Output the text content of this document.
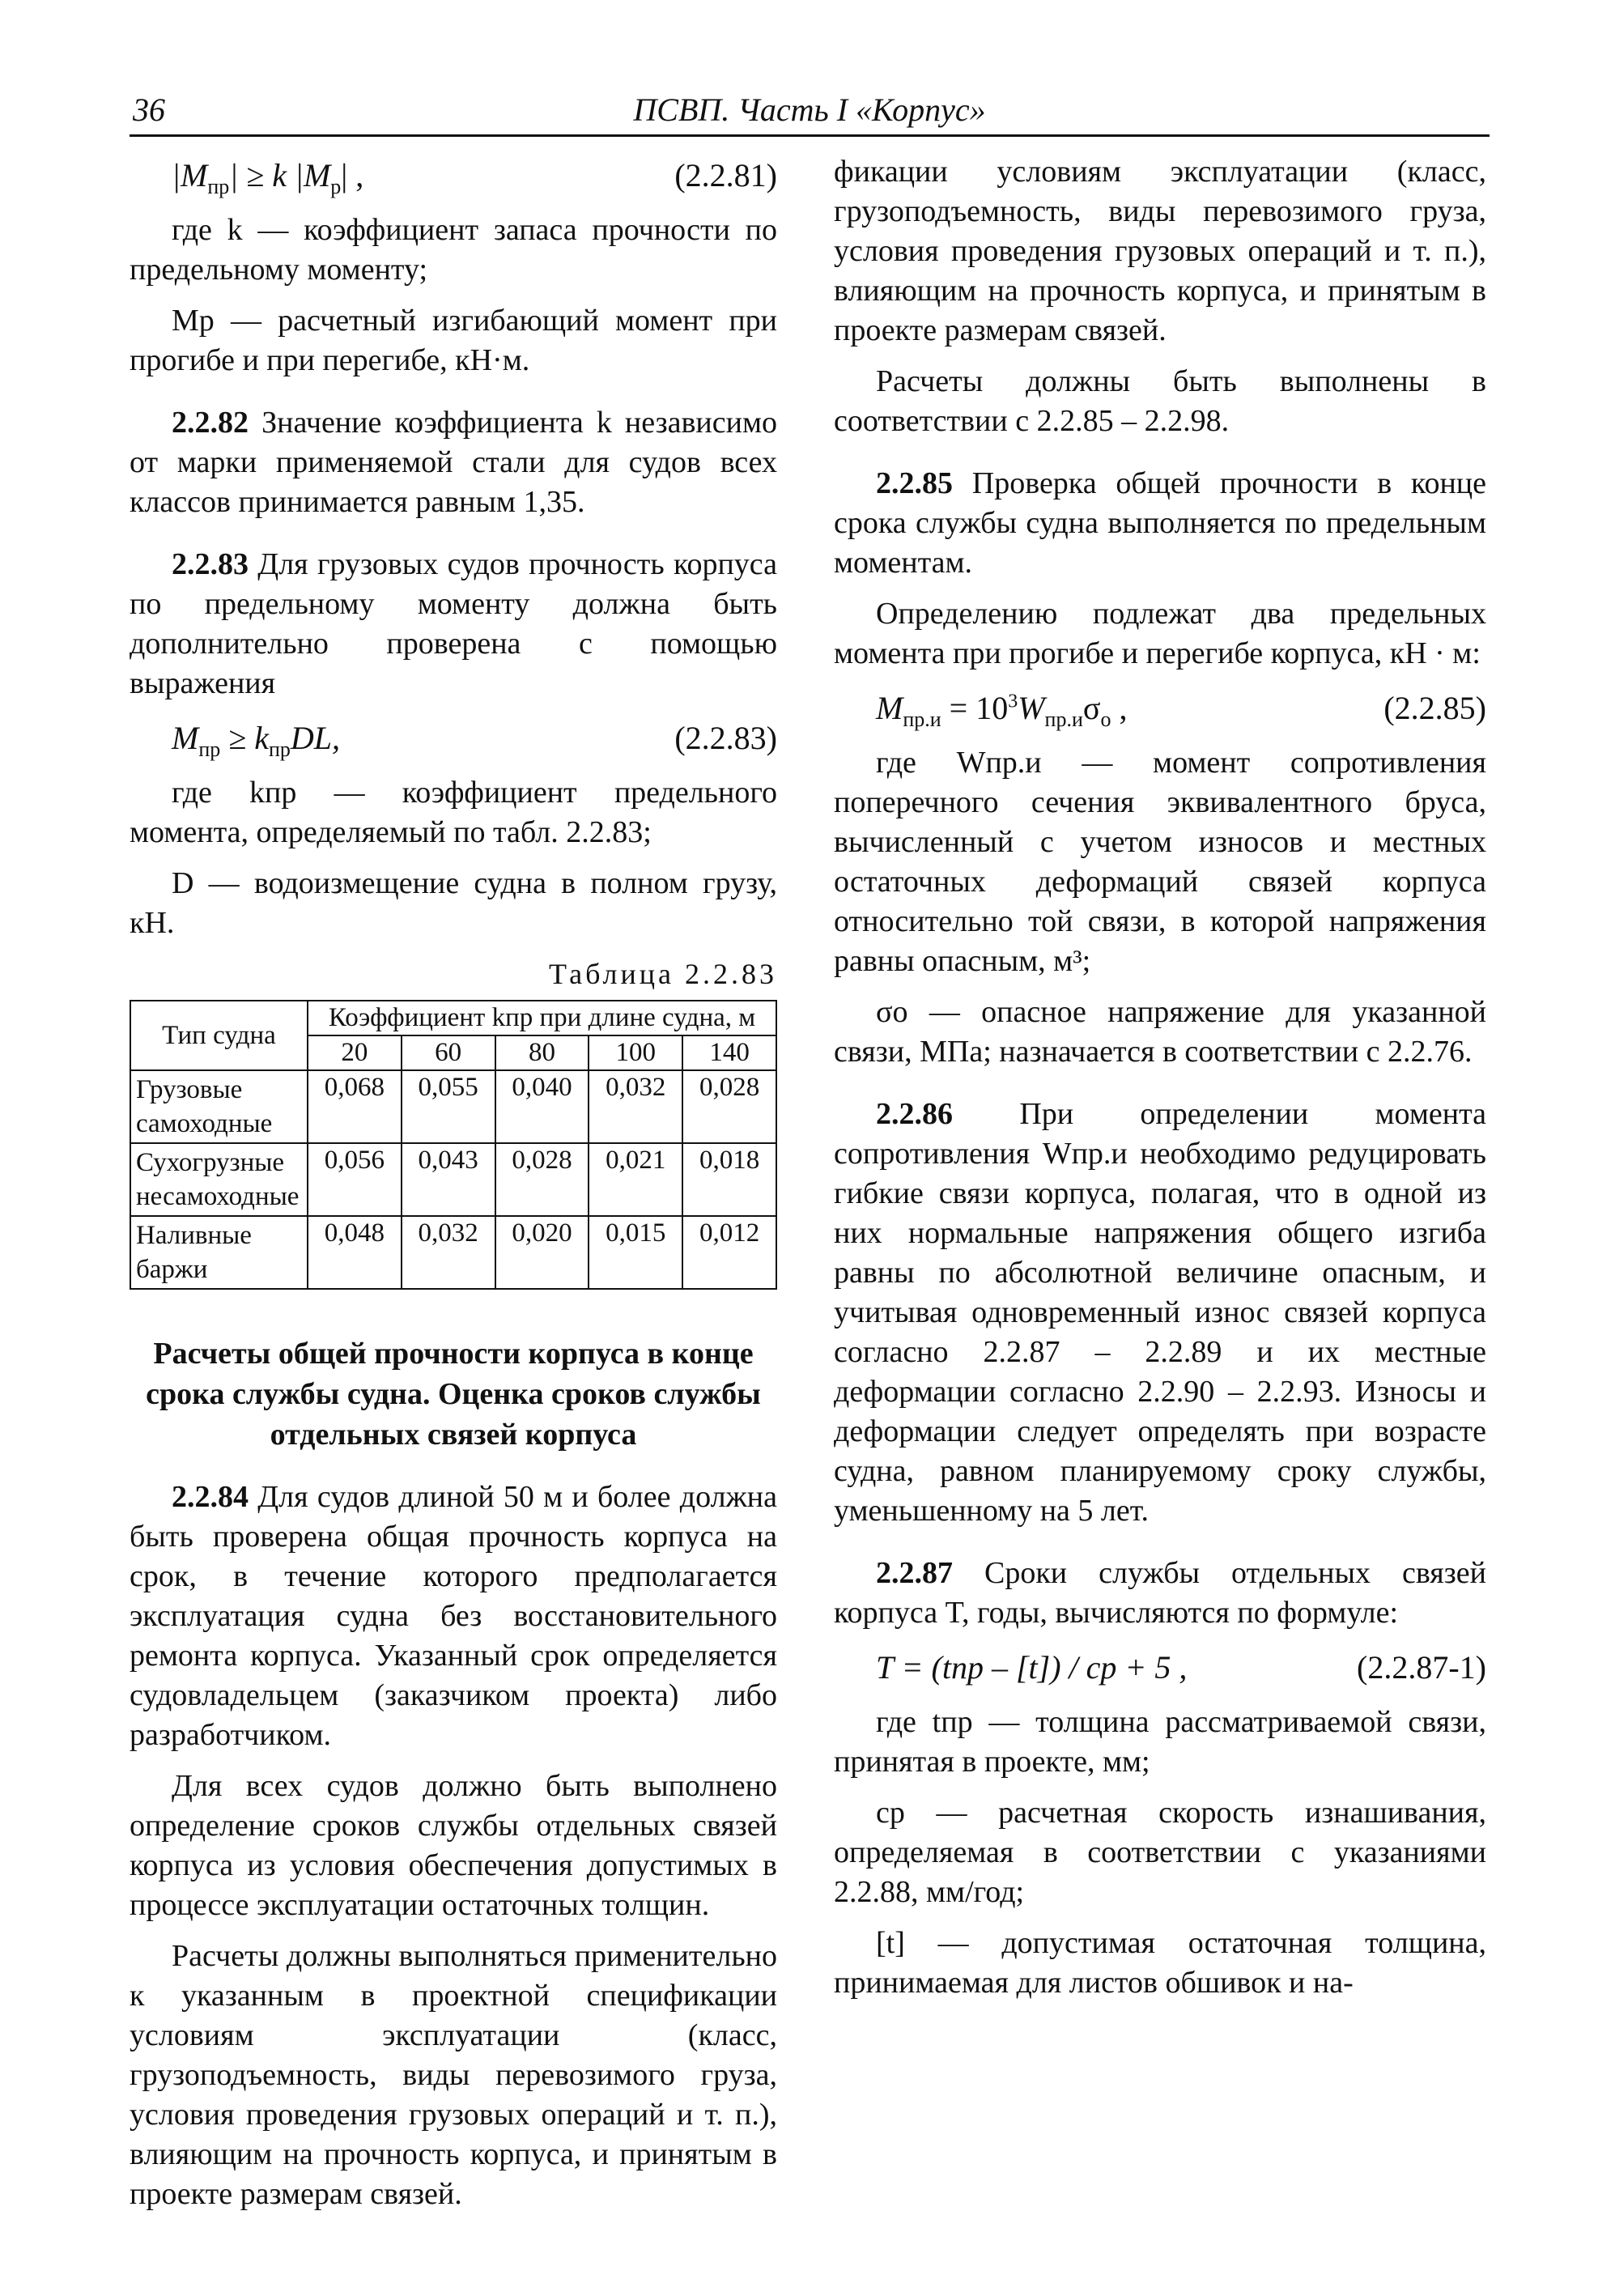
36	ПСВП. Часть I «Корпус»
$|M_{пр}| \ge k$ $|M_р|$ ,	(2.2.81)

где k — коэффициент запаса прочности по предельному моменту;

Mр — расчетный изгибающий момент при прогибе и при перегибе, кН·м.

2.2.82 Значение коэффициента k независимо от марки применяемой стали для судов всех классов принимается равным 1,35.

2.2.83 Для грузовых судов прочность корпуса по предельному моменту должна быть дополнительно проверена с помощью выражения

$M_{пр} \ge k_{пр}DL$,	(2.2.83)

где kпр — коэффициент предельного момента, определяемый по табл. 2.2.83;

D — водоизмещение судна в полном грузу, кН.

Таблица 2.2.83
Тип судна	Коэффициент kпр при длине судна, м				
	20	60	80	100	140
Грузовые самоходные	0,068	0,055	0,040	0,032	0,028
Сухогрузные несамоходные	0,056	0,043	0,028	0,021	0,018
Наливные баржи	0,048	0,032	0,020	0,015	0,012
Расчеты общей прочности корпуса в конце срока службы судна. Оценка сроков службы отдельных связей корпуса

2.2.84 Для судов длиной 50 м и более должна быть проверена общая прочность корпуса на срок, в течение которого предполагается эксплуатация судна без восстановительного ремонта корпуса. Указанный срок определяется судовладельцем (заказчиком проекта) либо разработчиком.

Для всех судов должно быть выполнено определение сроков службы отдельных связей корпуса из условия обеспечения допустимых в процессе эксплуатации остаточных толщин.

Расчеты должны выполняться применительно к указанным в проектной спецификации условиям эксплуатации (класс, грузоподъемность, виды перевозимого груза, условия проведения грузовых операций и т. п.), влияющим на прочность корпуса, и принятым в проекте размерам связей.

фикации условиям эксплуатации (класс, грузоподъемность, виды перевозимого груза, условия проведения грузовых операций и т. п.), влияющим на прочность корпуса, и принятым в проекте размерам связей.

Расчеты должны быть выполнены в соответствии с 2.2.85 – 2.2.98.

2.2.85 Проверка общей прочности в конце срока службы судна выполняется по предельным моментам.

Определению подлежат два предельных момента при прогибе и перегибе корпуса, кН · м:

$M_{пр.и} = 10^3W_{пр.и}\sigma_о$ ,	(2.2.85)

где Wпр.и — момент сопротивления поперечного сечения эквивалентного бруса, вычисленный с учетом износов и местных остаточных деформаций связей корпуса относительно той связи, в которой напряжения равны опасным, м³;

σо — опасное напряжение для указанной связи, МПа; назначается в соответствии с 2.2.76.

2.2.86 При определении момента сопротивления Wпр.и необходимо редуцировать гибкие связи корпуса, полагая, что в одной из них нормальные напряжения общего изгиба равны по абсолютной величине опасным, и учитывая одновременный износ связей корпуса согласно 2.2.87 – 2.2.89 и их местные деформации согласно 2.2.90 – 2.2.93. Износы и деформации следует определять при возрасте судна, равном планируемому сроку службы, уменьшенному на 5 лет.

2.2.87 Сроки службы отдельных связей корпуса T, годы, вычисляются по формуле:

T = (tпр – [t]) / cр + 5 ,	(2.2.87-1)

где tпр — толщина рассматриваемой связи, принятая в проекте, мм;

cр — расчетная скорость изнашивания, определяемая в соответствии с указаниями 2.2.88, мм/год;

[t] — допустимая остаточная толщина, принимаемая для листов обшивок и на-
